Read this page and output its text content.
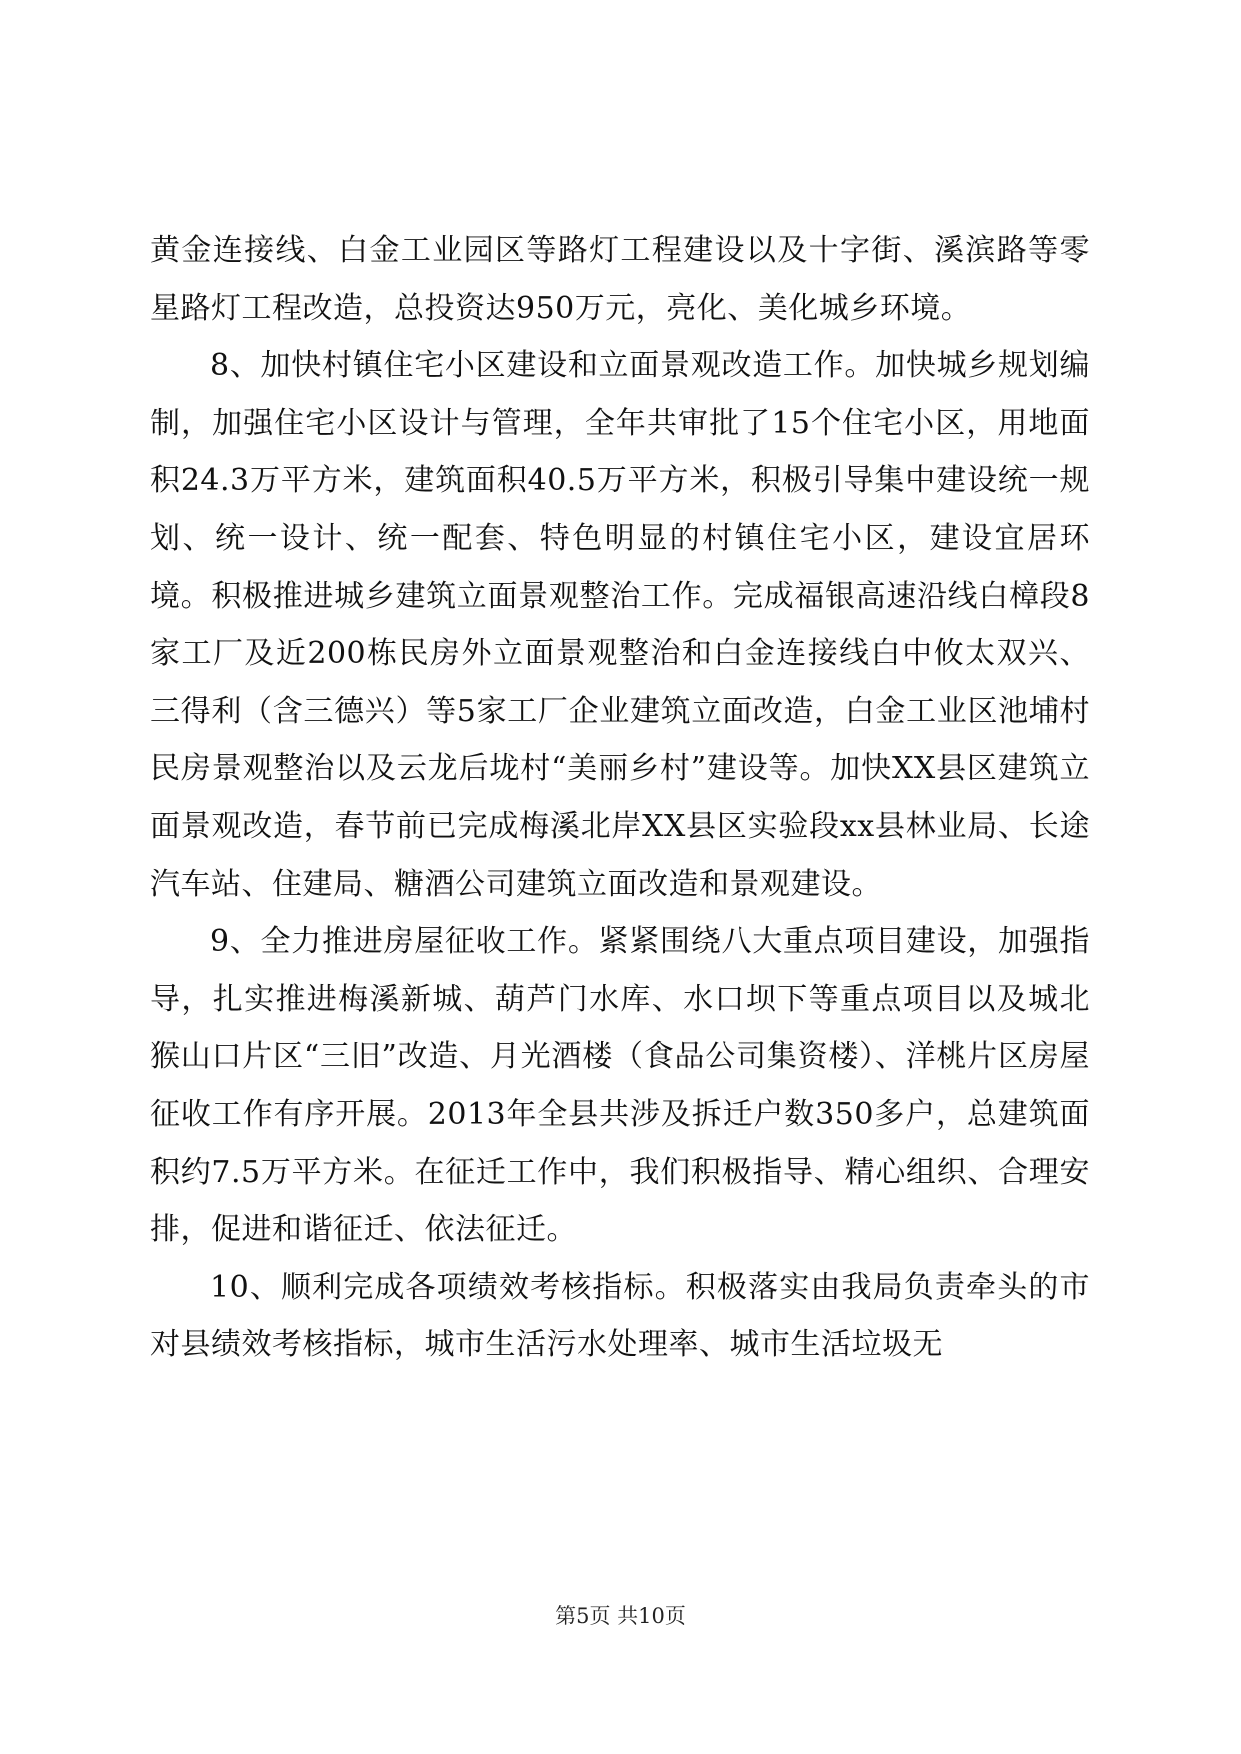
黄金连接线、白金工业园区等路灯工程建设以及十字街、溪滨路等零星路灯工程改造，总投资达950万元，亮化、美化城乡环境。

8、加快村镇住宅小区建设和立面景观改造工作。加快城乡规划编制，加强住宅小区设计与管理，全年共审批了15个住宅小区，用地面积24.3万平方米，建筑面积40.5万平方米，积极引导集中建设统一规划、统一设计、统一配套、特色明显的村镇住宅小区，建设宜居环境。积极推进城乡建筑立面景观整治工作。完成福银高速沿线白樟段8家工厂及近200栋民房外立面景观整治和白金连接线白中攸太双兴、三得利（含三德兴）等5家工厂企业建筑立面改造，白金工业区池埔村民房景观整治以及云龙后垅村“美丽乡村”建设等。加快XX县区建筑立面景观改造，春节前已完成梅溪北岸XX县区实验段xx县林业局、长途汽车站、住建局、糖酒公司建筑立面改造和景观建设。

9、全力推进房屋征收工作。紧紧围绕八大重点项目建设，加强指导，扎实推进梅溪新城、葫芦门水库、水口坝下等重点项目以及城北猴山口片区“三旧”改造、月光酒楼（食品公司集资楼）、洋桃片区房屋征收工作有序开展。2013年全县共涉及拆迁户数350多户，总建筑面积约7.5万平方米。在征迁工作中，我们积极指导、精心组织、合理安排，促进和谐征迁、依法征迁。

10、顺利完成各项绩效考核指标。积极落实由我局负责牵头的市对县绩效考核指标，城市生活污水处理率、城市生活垃圾无

第5页 共10页
